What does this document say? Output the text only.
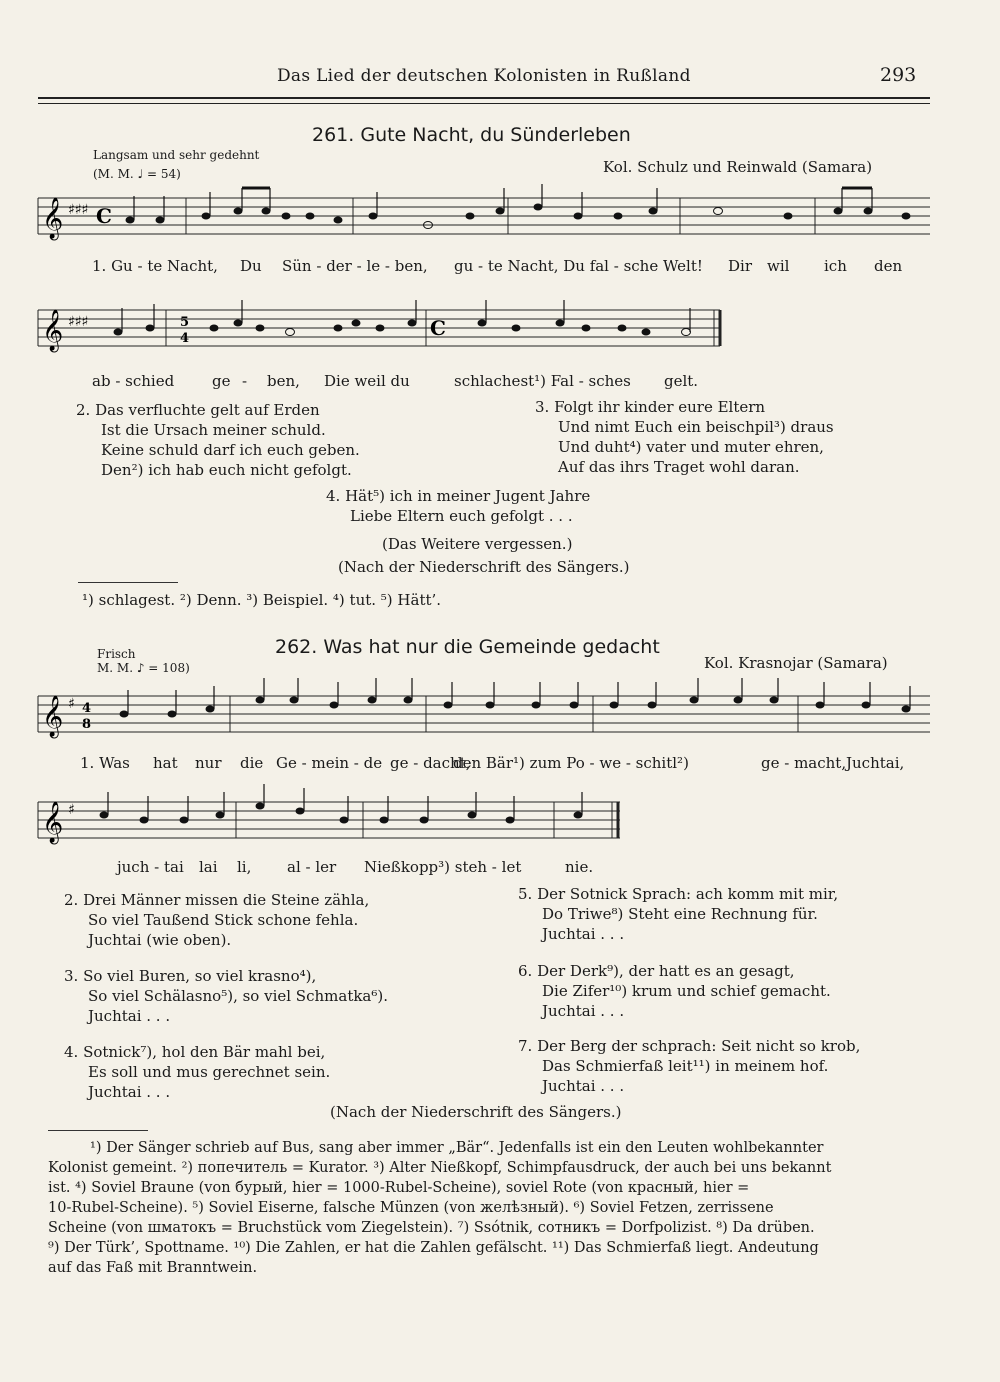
Das Lied der deutschen Kolonisten in Rußland	293
261. Gute Nacht, du Sünderleben
Langsam und sehr gedehnt
(M. M. ♩ = 54)	Kol. Schulz und Reinwald (Samara)
𝄞 ♯♯♯ C
1. Gu - te Nacht, Du Sün - der - le - ben, gu - te Nacht, Du fal - sche Welt! Dir wil ich den
𝄞 ♯♯♯	5
4	C
ab - schied	ge - ben, Die weil du	schlachest¹) Fal - sches gelt.
2. Das verfluchte gelt auf Erden
Ist die Ursach meiner schuld.
Keine schuld darf ich euch geben.
Den²) ich hab euch nicht gefolgt.
3. Folgt ihr kinder eure Eltern
Und nimt Euch ein beischpil³) draus
Und duht⁴) vater und muter ehren,
Auf das ihrs Traget wohl daran.
4. Hät⁵) ich in meiner Jugent Jahre
Liebe Eltern euch gefolgt . . .
(Das Weitere vergessen.)
(Nach der Niederschrift des Sängers.)
¹) schlagest. ²) Denn. ³) Beispiel. ⁴) tut. ⁵) Hätt’.
262. Was hat nur die Gemeinde gedacht
Frisch
M. M. ♪ = 108)	Kol. Krasnojar (Samara)
𝄞 ♯ 4
8
1. Was hat nur die Ge - mein - de ge - dacht,
den Bär¹) zum Po - we - schitl²)	ge - macht, Juchtai,
𝄞 ♯
juch - tai lai li, al - ler Nießkopp³) steh - let	nie.
2. Drei Männer missen die Steine zähla,
So viel Taußend Stick schone fehla.
Juchtai (wie oben).
3. So viel Buren, so viel krasno⁴),
So viel Schälasno⁵), so viel Schmatka⁶).
Juchtai . . .
4. Sotnick⁷), hol den Bär mahl bei,
Es soll und mus gerechnet sein.
Juchtai . . .
5. Der Sotnick Sprach: ach komm mit mir,
Do Triwe⁸) Steht eine Rechnung für.
Juchtai . . .
6. Der Derk⁹), der hatt es an gesagt,
Die Zifer¹⁰) krum und schief gemacht.
Juchtai . . .
7. Der Berg der schprach: Seit nicht so krob,
Das Schmierfaß leit¹¹) in meinem hof.
Juchtai . . .
(Nach der Niederschrift des Sängers.)
¹) Der Sänger schrieb auf Bus, sang aber immer „Bär“. Jedenfalls ist ein den Leuten wohlbekannter
Kolonist gemeint. ²) попечитель = Kurator. ³) Alter Nießkopf, Schimpfausdruck, der auch bei uns bekannt
ist. ⁴) Soviel Braune (von бурый, hier = 1000-Rubel-Scheine), soviel Rote (von красный, hier =
10-Rubel-Scheine). ⁵) Soviel Eiserne, falsche Münzen (von желѣзный). ⁶) Soviel Fetzen, zerrissene
Scheine (von шматокъ = Bruchstück vom Ziegelstein). ⁷) Ssótnik, сотникъ = Dorfpolizist. ⁸) Da drüben.
⁹) Der Türk’, Spottname. ¹⁰) Die Zahlen, er hat die Zahlen gefälscht. ¹¹) Das Schmierfaß liegt. Andeutung
auf das Faß mit Branntwein.
